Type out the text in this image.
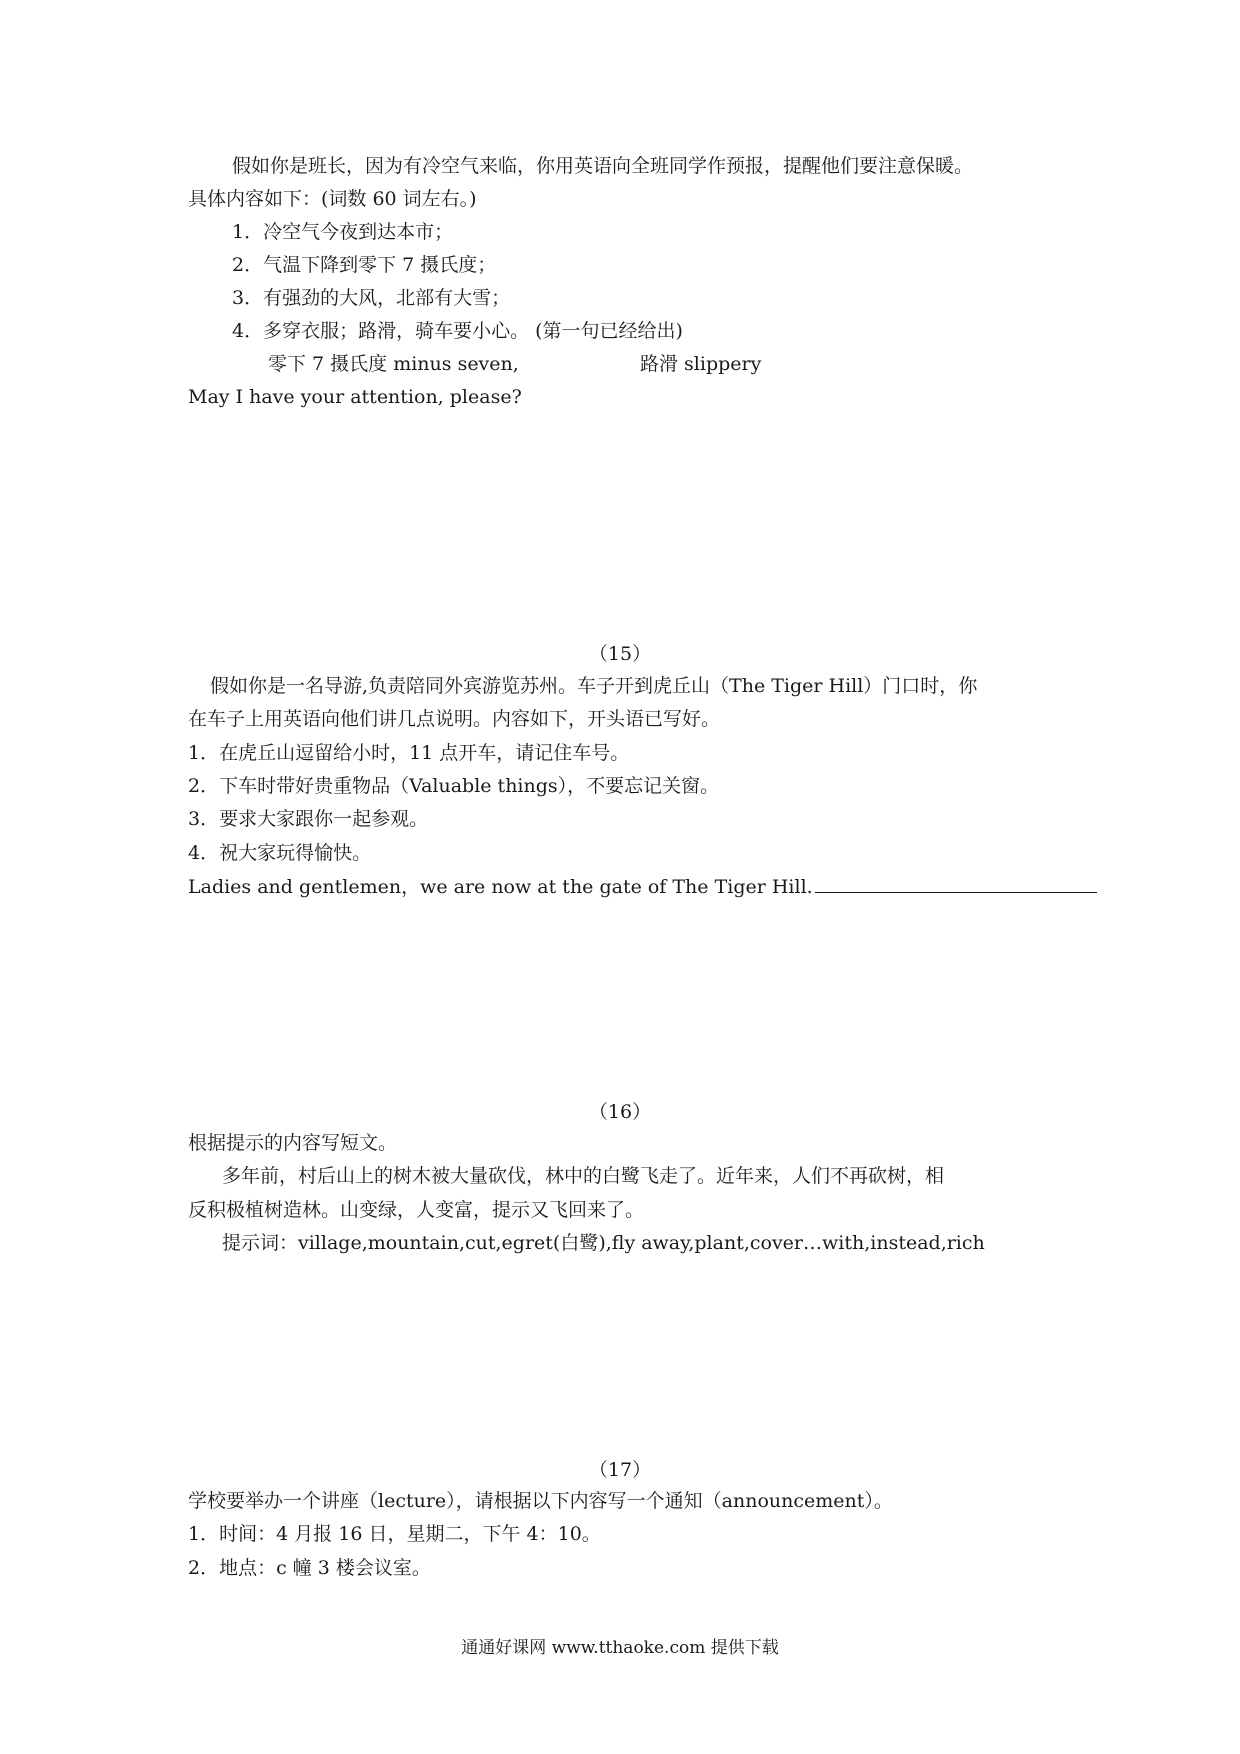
假如你是班长，因为有冷空气来临，你用英语向全班同学作预报，提醒他们要注意保暖。
具体内容如下：(词数 60 词左右。)
1．冷空气今夜到达本市；
2．气温下降到零下 7 摄氏度；
3．有强劲的大风，北部有大雪；
4．多穿衣服；路滑，骑车要小心。 (第一句已经给出)
零下 7 摄氏度 minus seven,	路滑 slippery
May I have your attention, please?
（15）
假如你是一名导游,负责陪同外宾游览苏州。车子开到虎丘山（The Tiger Hill）门口时，你
在车子上用英语向他们讲几点说明。内容如下，开头语已写好。
1．在虎丘山逗留给小时，11 点开车，请记住车号。
2．下车时带好贵重物品（Valuable things），不要忘记关窗。
3．要求大家跟你一起参观。
4．祝大家玩得愉快。
Ladies and gentlemen，we are now at the gate of The Tiger Hill.
（16）
根据提示的内容写短文。
多年前，村后山上的树木被大量砍伐，林中的白鹭飞走了。近年来，人们不再砍树，相
反积极植树造林。山变绿，人变富，提示又飞回来了。
提示词：village,mountain,cut,egret(白鹭),fly away,plant,cover…with,instead,rich
（17）
学校要举办一个讲座（lecture），请根据以下内容写一个通知（announcement）。
1．时间：4 月报 16 日，星期二，下午 4：10。
2．地点：c 幢 3 楼会议室。
通通好课网 www.tthaoke.com 提供下载
